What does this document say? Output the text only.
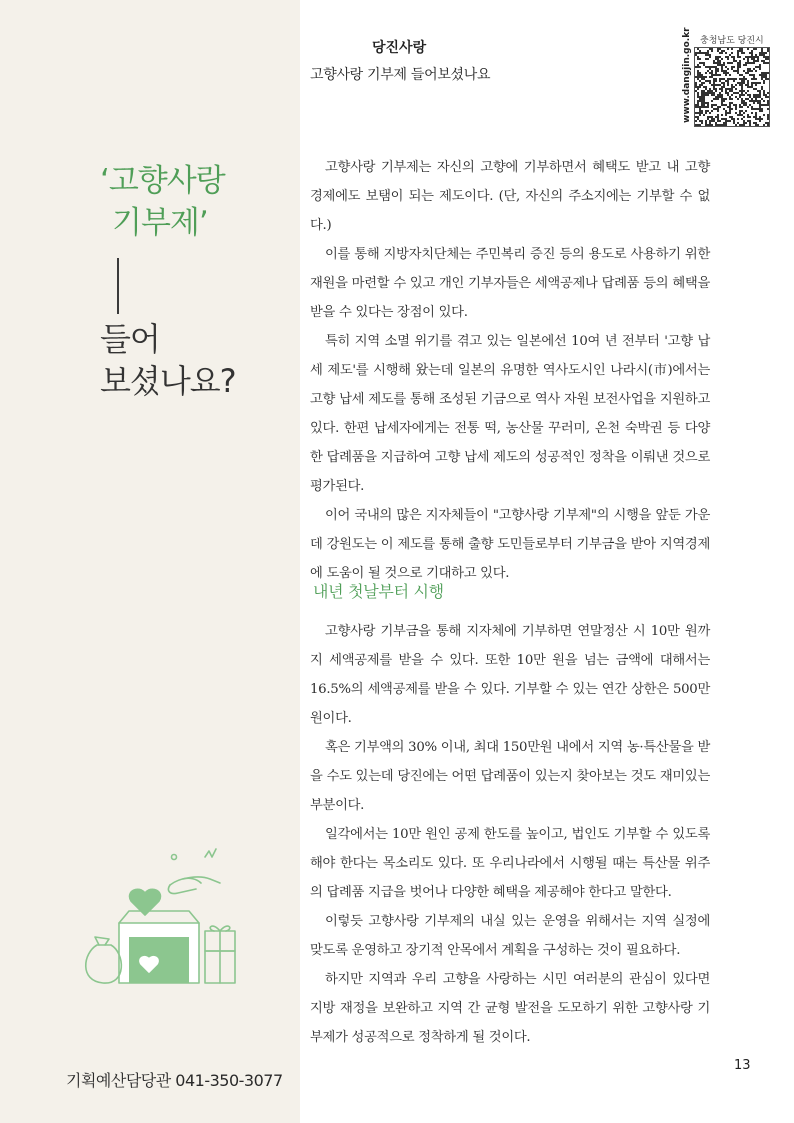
당진사랑
고향사랑 기부제 들어보셨나요	www.dangjin.go.kr 충청남도 당진시
‘고향사랑
기부제’
들어
보셨나요?
기획예산담당관 041-350-3077

고향사랑 기부제는 자신의 고향에 기부하면서 혜택도 받고 내 고향 경제에도 보탬이 되는 제도이다. (단, 자신의 주소지에는 기부할 수 없다.)

이를 통해 지방자치단체는 주민복리 증진 등의 용도로 사용하기 위한 재원을 마련할 수 있고 개인 기부자들은 세액공제나 답례품 등의 혜택을 받을 수 있다는 장점이 있다.

특히 지역 소멸 위기를 겪고 있는 일본에선 10여 년 전부터 '고향 납세 제도'를 시행해 왔는데 일본의 유명한 역사도시인 나라시(市)에서는 고향 납세 제도를 통해 조성된 기금으로 역사 자원 보전사업을 지원하고 있다. 한편 납세자에게는 전통 떡, 농산물 꾸러미, 온천 숙박권 등 다양한 답례품을 지급하여 고향 납세 제도의 성공적인 정착을 이뤄낸 것으로 평가된다.

이어 국내의 많은 지자체들이 "고향사랑 기부제"의 시행을 앞둔 가운데 강원도는 이 제도를 통해 출향 도민들로부터 기부금을 받아 지역경제에 도움이 될 것으로 기대하고 있다.

내년 첫날부터 시행

고향사랑 기부금을 통해 지자체에 기부하면 연말정산 시 10만 원까지 세액공제를 받을 수 있다. 또한 10만 원을 넘는 금액에 대해서는 16.5%의 세액공제를 받을 수 있다. 기부할 수 있는 연간 상한은 500만원이다.

혹은 기부액의 30% 이내, 최대 150만원 내에서 지역 농·특산물을 받을 수도 있는데 당진에는 어떤 답례품이 있는지 찾아보는 것도 재미있는 부분이다.

일각에서는 10만 원인 공제 한도를 높이고, 법인도 기부할 수 있도록 해야 한다는 목소리도 있다. 또 우리나라에서 시행될 때는 특산물 위주의 답례품 지급을 벗어나 다양한 혜택을 제공해야 한다고 말한다.

이렇듯 고향사랑 기부제의 내실 있는 운영을 위해서는 지역 실정에 맞도록 운영하고 장기적 안목에서 계획을 구성하는 것이 필요하다.

하지만 지역과 우리 고향을 사랑하는 시민 여러분의 관심이 있다면 지방 재정을 보완하고 지역 간 균형 발전을 도모하기 위한 고향사랑 기부제가 성공적으로 정착하게 될 것이다.

13
